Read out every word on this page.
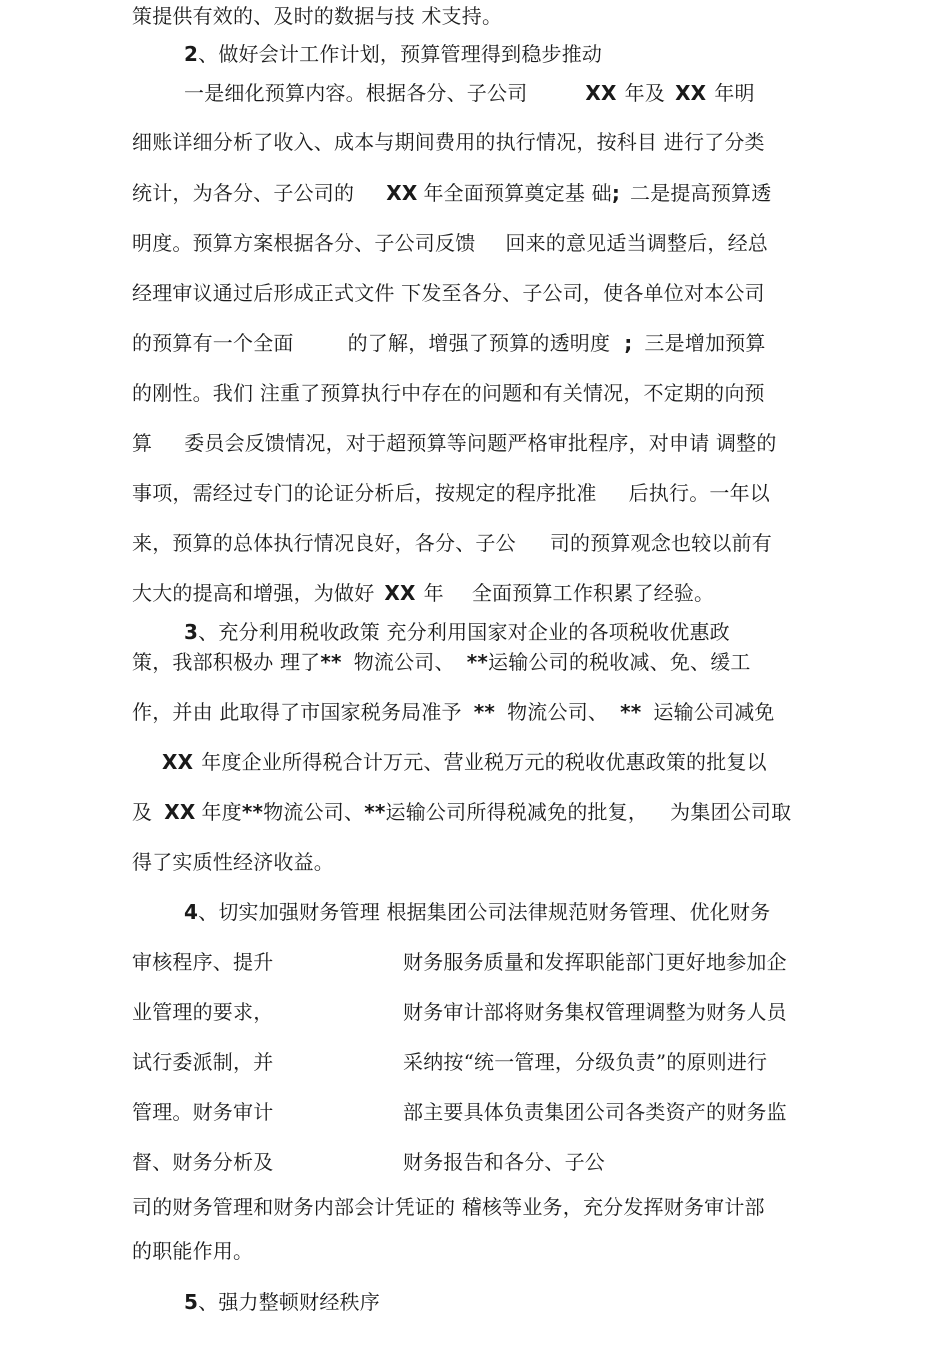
策提供有效的、及时的数据与技 术支持。
2、做好会计工作计划，预算管理得到稳步推动
一是细化预算内容。根据各分、子公司	XX 年及 XX 年明
细账详细分析了收入、成本与期间费用的执行情况，按科目 进行了分类
统计，为各分、子公司的 XX 年全面预算奠定基 础; 二是提高预算透
明度。预算方案根据各分、子公司反馈 回来的意见适当调整后，经总
经理审议通过后形成正式文件 下发至各分、子公司，使各单位对本公司
的预算有一个全面	的了解，增强了预算的透明度 ; 三是增加预算
的刚性。我们 注重了预算执行中存在的问题和有关情况，不定期的向预
算 委员会反馈情况，对于超预算等问题严格审批程序，对申请 调整的
事项，需经过专门的论证分析后，按规定的程序批准 后执行。一年以
来，预算的总体执行情况良好，各分、子公 司的预算观念也较以前有
大大的提高和增强，为做好 XX 年 全面预算工作积累了经验。
3、充分利用税收政策 充分利用国家对企业的各项税收优惠政
策，我部积极办 理了** 物流公司、 **运输公司的税收减、免、缓工
作，并由 此取得了市国家税务局准予 ** 物流公司、 ** 运输公司减免
XX 年度企业所得税合计万元、营业税万元的税收优惠政策的批复以
及 XX 年度**物流公司、**运输公司所得税减免的批复， 为集团公司取
得了实质性经济收益。
4、切实加强财务管理 根据集团公司法律规范财务管理、优化财务
审核程序、提升	财务服务质量和发挥职能部门更好地参加企
业管理的要求，	财务审计部将财务集权管理调整为财务人员
试行委派制，并	采纳按“统一管理，分级负责”的原则进行
管理。财务审计	部主要具体负责集团公司各类资产的财务监
督、财务分析及	财务报告和各分、子公
司的财务管理和财务内部会计凭证的 稽核等业务，充分发挥财务审计部
的职能作用。
5、强力整顿财经秩序
